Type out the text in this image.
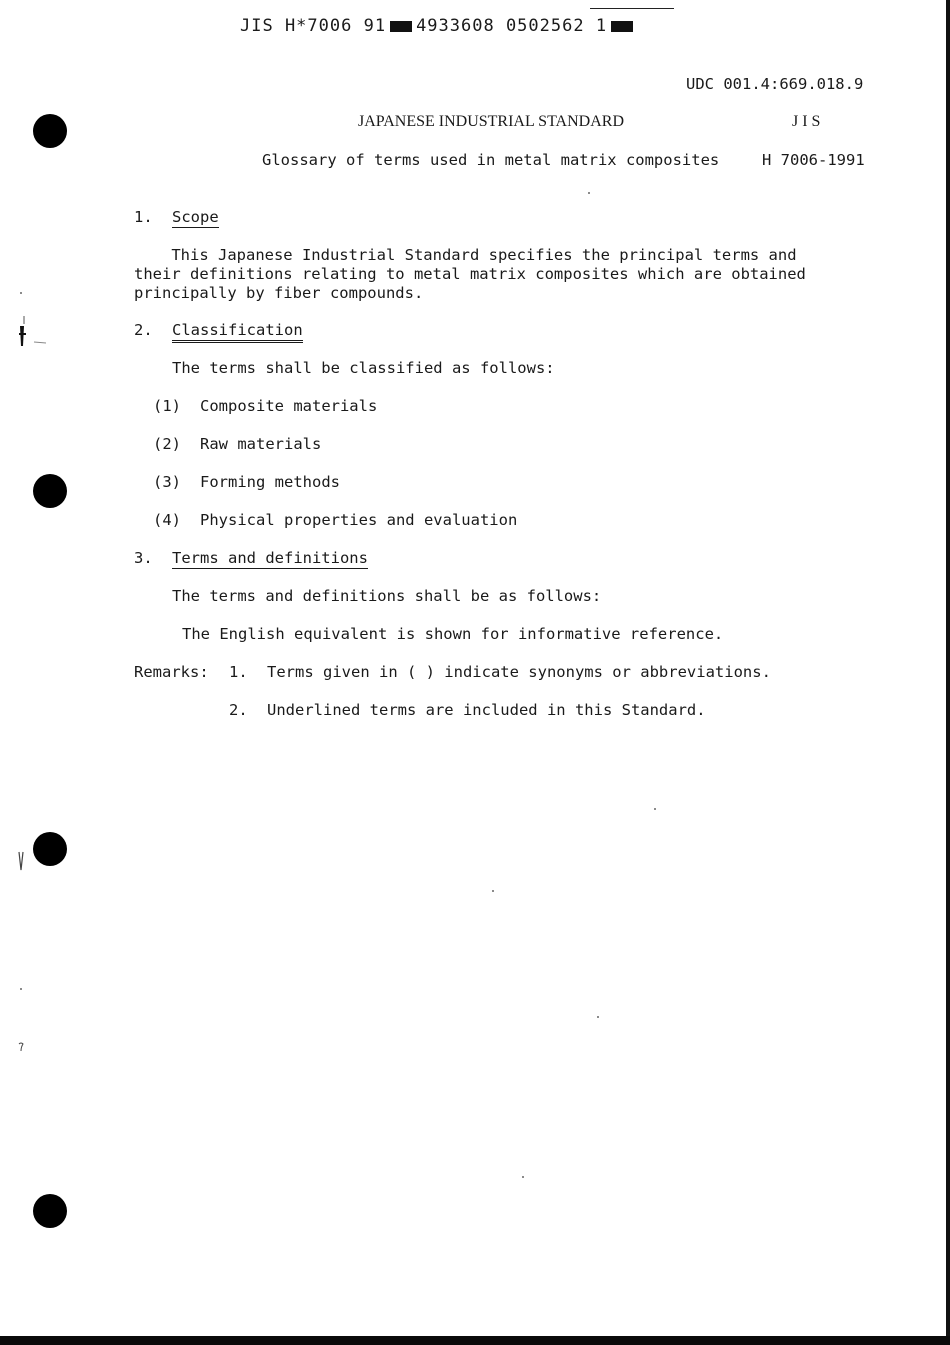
JIS H*7006 91 4933608 0502562 1
UDC 001.4:669.018.9
JAPANESE INDUSTRIAL STANDARD	J I S
Glossary of terms used in metal matrix composites	H 7006-1991
1. Scope
This Japanese Industrial Standard specifies the principal terms and
their definitions relating to metal matrix composites which are obtained
principally by fiber compounds.
2. Classification
The terms shall be classified as follows:
(1) Composite materials
(2) Raw materials
(3) Forming methods
(4) Physical properties and evaluation
3. Terms and definitions
The terms and definitions shall be as follows:
The English equivalent is shown for informative reference.
Remarks: 1. Terms given in ( ) indicate synonyms or abbreviations.
2. Underlined terms are included in this Standard.
